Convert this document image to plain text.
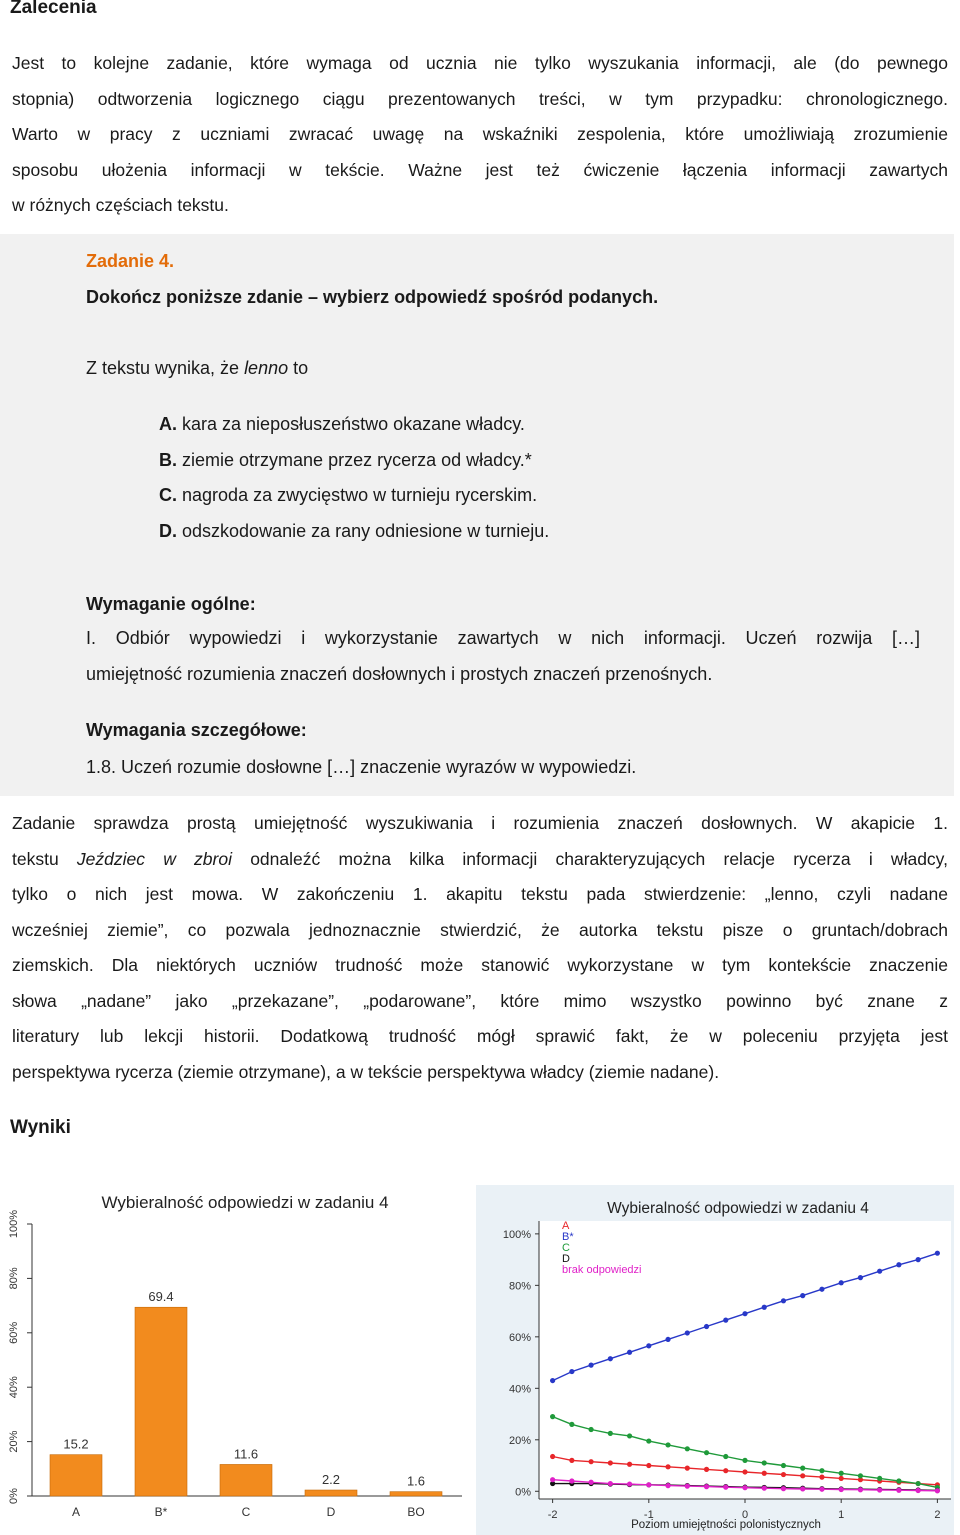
Zalecenia
Jest to kolejne zadanie, które wymaga od ucznia nie tylko wyszukania informacji, ale (do pewnego
stopnia) odtworzenia logicznego ciągu prezentowanych treści, w tym przypadku: chronologicznego.
Warto w pracy z uczniami zwracać uwagę na wskaźniki zespolenia, które umożliwiają zrozumienie
sposobu ułożenia informacji w tekście. Ważne jest też ćwiczenie łączenia informacji zawartych
w różnych częściach tekstu.
Zadanie 4.
Dokończ poniższe zdanie – wybierz odpowiedź spośród podanych.
Z tekstu wynika, że lenno to
A. kara za nieposłuszeństwo okazane władcy.
B. ziemie otrzymane przez rycerza od władcy.*
C. nagroda za zwycięstwo w turnieju rycerskim.
D. odszkodowanie za rany odniesione w turnieju.
Wymaganie ogólne:
I. Odbiór wypowiedzi i wykorzystanie zawartych w nich informacji. Uczeń rozwija […]
umiejętność rozumienia znaczeń dosłownych i prostych znaczeń przenośnych.
Wymagania szczegółowe:
1.8. Uczeń rozumie dosłowne […] znaczenie wyrazów w wypowiedzi.
Zadanie sprawdza prostą umiejętność wyszukiwania i rozumienia znaczeń dosłownych. W akapicie 1.
tekstu Jeździec w zbroi odnaleźć można kilka informacji charakteryzujących relacje rycerza i władcy,
tylko o nich jest mowa. W zakończeniu 1. akapitu tekstu pada stwierdzenie: „lenno, czyli nadane
wcześniej ziemie”, co pozwala jednoznacznie stwierdzić, że autorka tekstu pisze o gruntach/dobrach
ziemskich. Dla niektórych uczniów trudność może stanowić wykorzystane w tym kontekście znaczenie
słowa „nadane” jako „przekazane”, „podarowane”, które mimo wszystko powinno być znane z
literatury lub lekcji historii. Dodatkową trudność mógł sprawić fakt, że w poleceniu przyjęta jest
perspektywa rycerza (ziemie otrzymane), a w tekście perspektywa władcy (ziemie nadane).
Wyniki
Wybieralność odpowiedzi w zadaniu 4
0%
20%
40%
60%
80%
100%
15.2
A
69.4
B*
11.6
C
2.2
D
1.6
BO
Wybieralność odpowiedzi w zadaniu 4
Poziom umiejętności polonistycznych
0%
20%
40%
60%
80%
100%
-2	-1	0	1	2
A
B*
C
D
brak odpowiedzi
